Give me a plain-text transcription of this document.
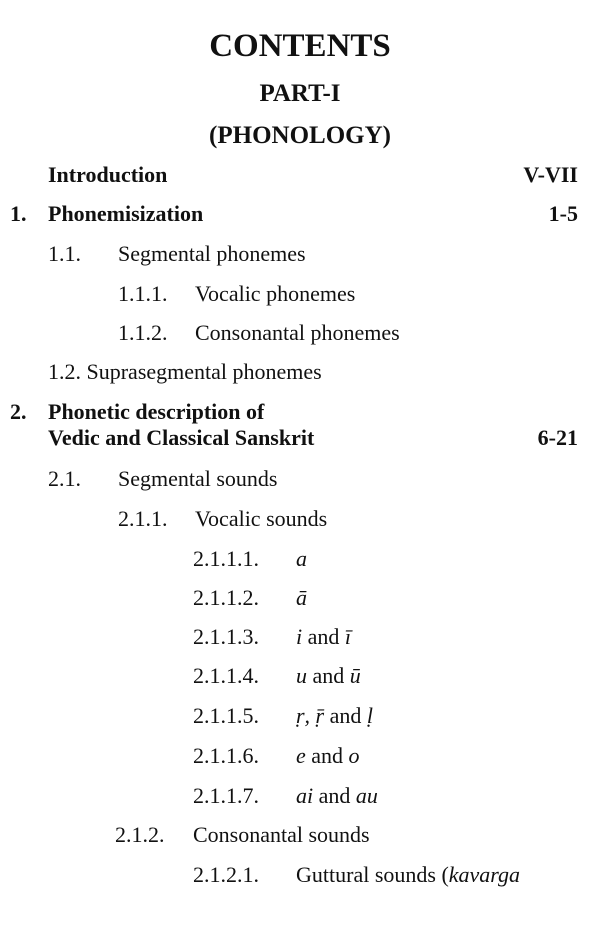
CONTENTS
PART-I
(PHONOLOGY)
Introduction	V-VII
1. Phonemisization	1-5
1.1. Segmental phonemes
1.1.1. Vocalic phonemes
1.1.2. Consonantal phonemes
1.2. Suprasegmental phonemes
2. Phonetic description of
Vedic and Classical Sanskrit	6-21
2.1. Segmental sounds
2.1.1. Vocalic sounds
2.1.1.1. a
2.1.1.2. ā
2.1.1.3. i and ī
2.1.1.4. u and ū
2.1.1.5. ṛ, ṝ and ḷ
2.1.1.6. e and o
2.1.1.7. ai and au
2.1.2. Consonantal sounds
2.1.2.1. Guttural sounds (kavarga
